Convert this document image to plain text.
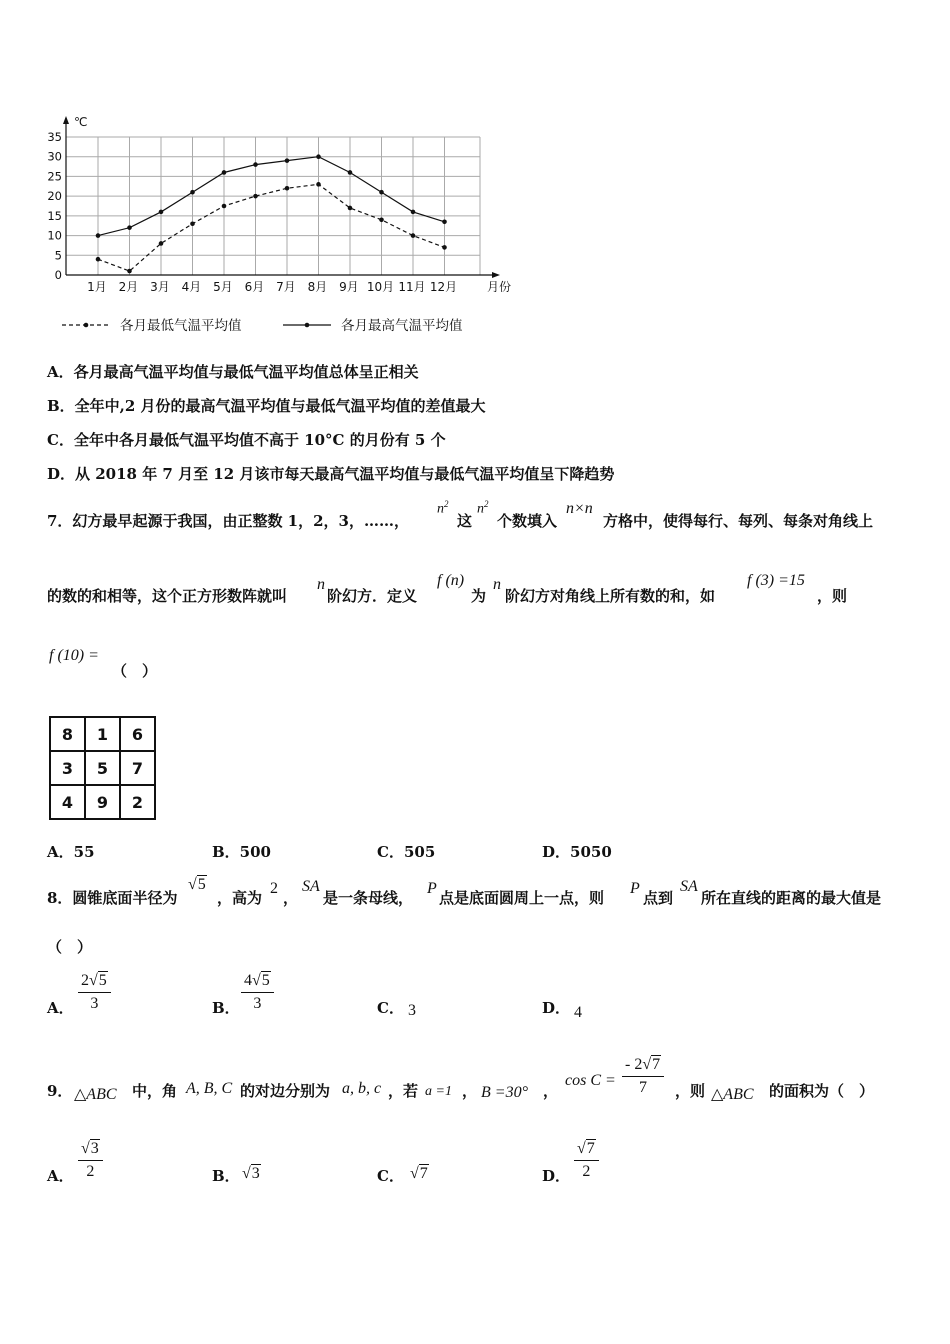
℃
0
5
10
15
20
25
30
35
1月 2月 3月 4月 5月 6月 7月 8月 9月 10月 11月 12月 月份
各月最低气温平均值	各月最高气温平均值
A．各月最高气温平均值与最低气温平均值总体呈正相关
B．全年中,2 月份的最高气温平均值与最低气温平均值的差值最大
C．全年中各月最低气温平均值不高于 10°C 的月份有 5 个
D．从 2018 年 7 月至 12 月该市每天最高气温平均值与最低气温平均值呈下降趋势
7．幻方最早起源于我国，由正整数 1，2，3，……，
$n^2$
这
$n^2$
个数填入
n×n
方格中，使得每行、每列、每条对角线上
的数的和相等，这个正方形数阵就叫
n
阶幻方．定义
f (n)
为
n
阶幻方对角线上所有数的和，如
f (3) =15
，则
f (10) =
（　）
8	1	6
3	5	7
4	9	2
A．55	B．500	C．505	D．5050
8．圆锥底面半径为
√5
，高为
2
，
SA
是一条母线，
P
点是底面圆周上一点，则
P
点到
SA
所在直线的距离的最大值是
（　）
A． $\frac{2√5}{3}$	B． $\frac{4√5}{3}$	C． 3	D． 4
9． △ABC 中，角 A, B, C 的对边分别为 a, b, c ，若 a =1 ， B =30° ，
$\cos C = \frac{- 2√7}{7}$ ，则 △ABC 的面积为（　）
A． $\frac{√3}{2}$	B． √3	C． √7	D． $\frac{√7}{2}$
